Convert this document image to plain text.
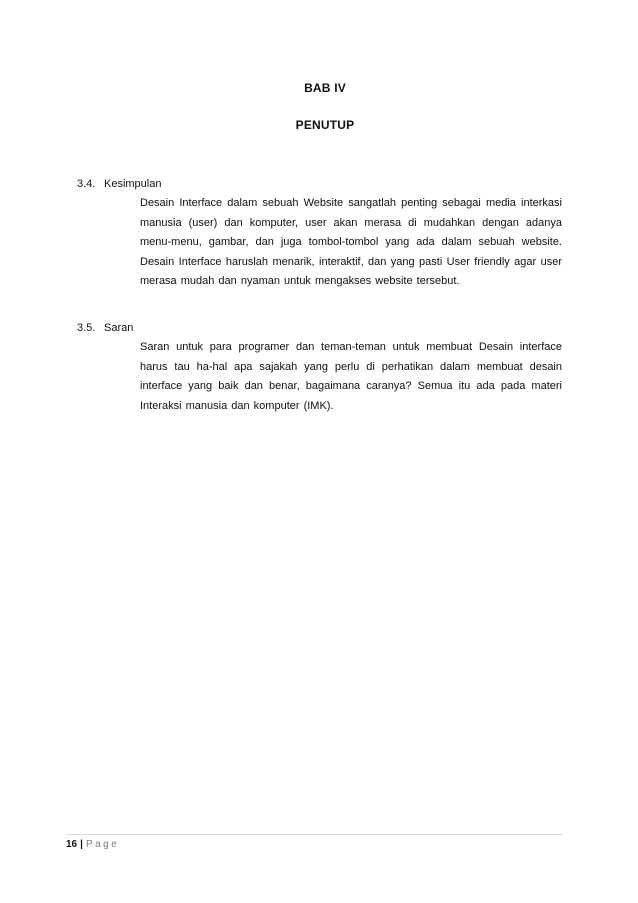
BAB IV
PENUTUP
3.4. Kesimpulan
Desain Interface dalam sebuah Website sangatlah penting sebagai media interkasi manusia (user) dan komputer, user akan merasa di mudahkan dengan adanya menu-menu, gambar, dan juga tombol-tombol yang ada dalam sebuah website. Desain Interface haruslah menarik, interaktif, dan yang pasti User friendly agar user merasa mudah dan nyaman untuk mengakses website tersebut.
3.5. Saran
Saran untuk para programer dan teman-teman untuk membuat Desain interface harus tau ha-hal apa sajakah yang perlu di perhatikan dalam membuat desain interface yang baik dan benar, bagaimana caranya? Semua itu ada pada materi Interaksi manusia dan komputer (IMK).
16 | Page
